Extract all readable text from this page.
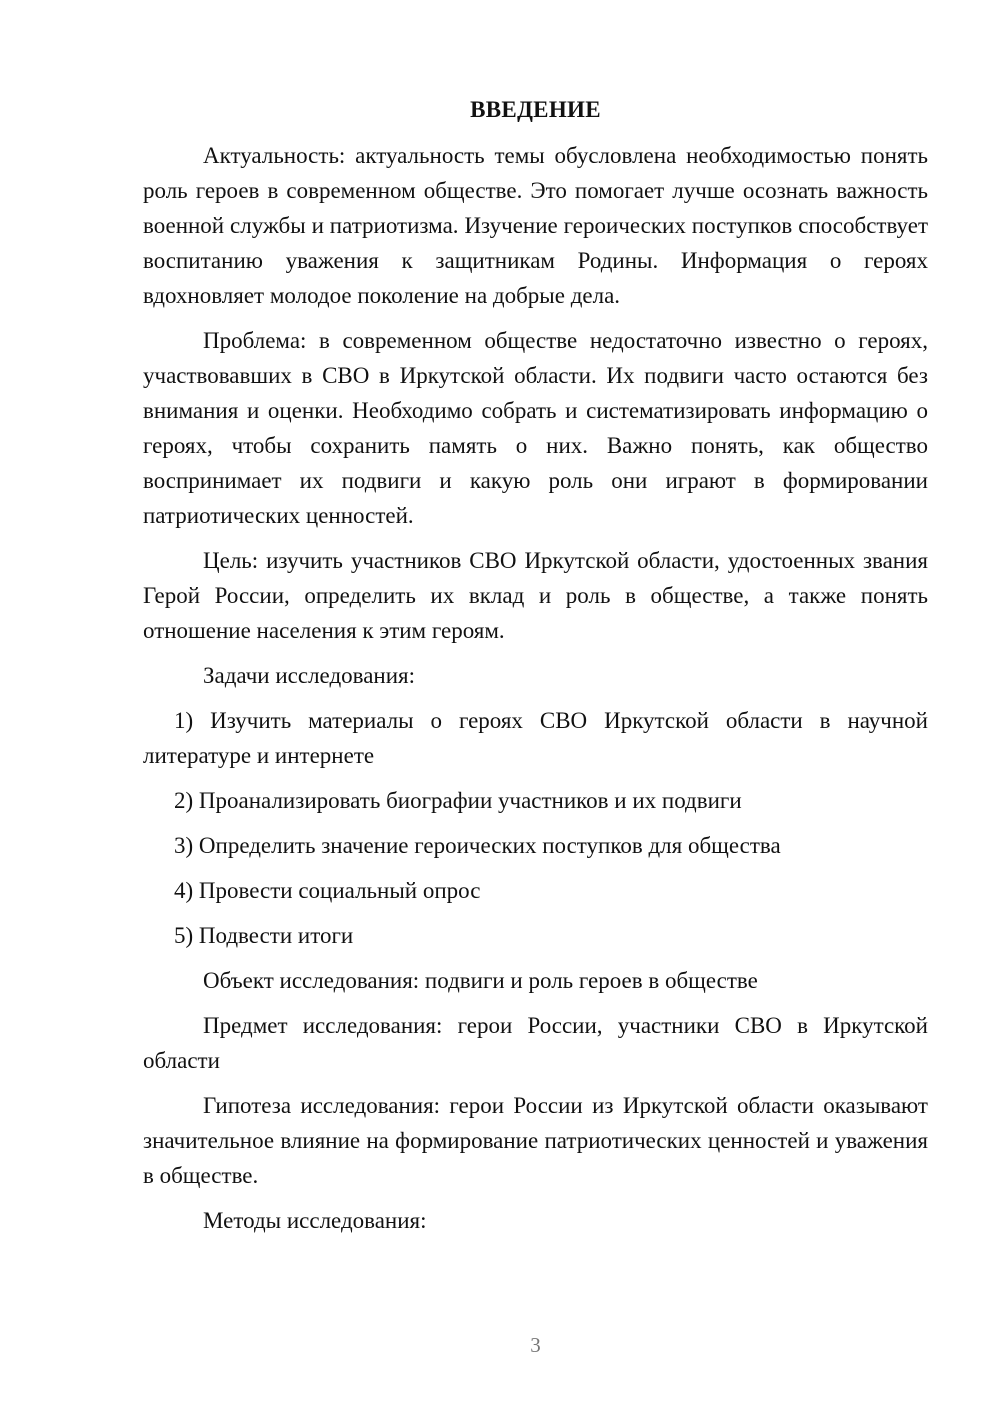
ВВЕДЕНИЕ

Актуальность: актуальность темы обусловлена необходимостью понять роль героев в современном обществе. Это помогает лучше осознать важность военной службы и патриотизма. Изучение героических поступков способствует воспитанию уважения к защитникам Родины. Информация о героях вдохновляет молодое поколение на добрые дела.

Проблема: в современном обществе недостаточно известно о героях, участвовавших в СВО в Иркутской области. Их подвиги часто остаются без внимания и оценки. Необходимо собрать и систематизировать информацию о героях, чтобы сохранить память о них. Важно понять, как общество воспринимает их подвиги и какую роль они играют в формировании патриотических ценностей.

Цель: изучить участников СВО Иркутской области, удостоенных звания Герой России, определить их вклад и роль в обществе, а также понять отношение населения к этим героям.

Задачи исследования:

1) Изучить материалы о героях СВО Иркутской области в научной литературе и интернете

2) Проанализировать биографии участников и их подвиги

3) Определить значение героических поступков для общества

4) Провести социальный опрос

5) Подвести итоги

Объект исследования: подвиги и роль героев в обществе

Предмет исследования: герои России, участники СВО в Иркутской области

Гипотеза исследования: герои России из Иркутской области оказывают значительное влияние на формирование патриотических ценностей и уважения в обществе.

Методы исследования:

3
